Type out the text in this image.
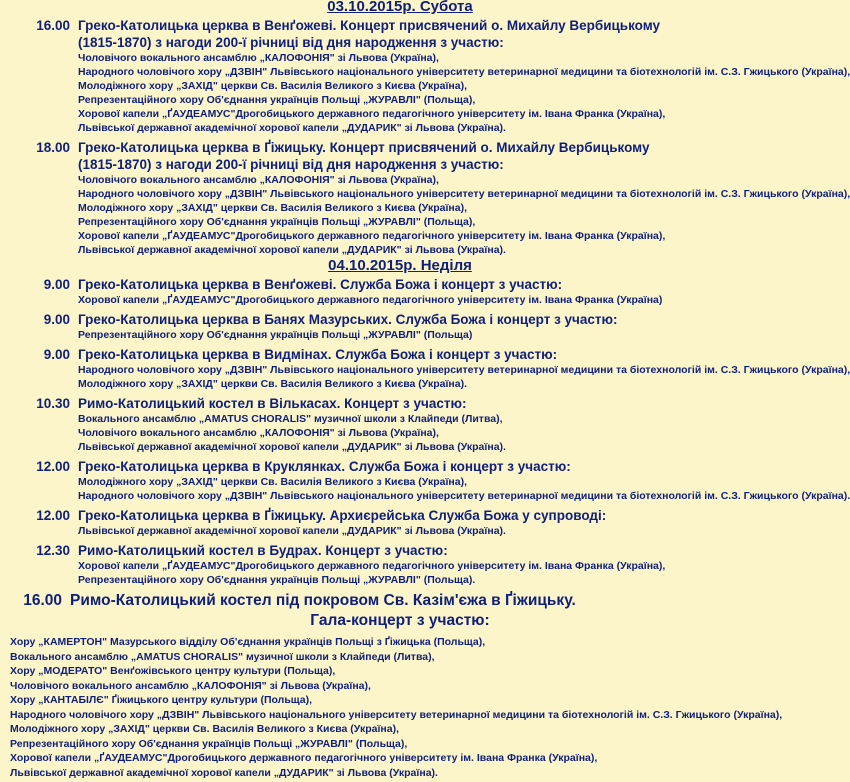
03.10.2015р. Субота
16.00 Греко-Католицька церква в Венґожеві. Концерт присвячений о. Михайлу Вербицькому
(1815-1870) з нагоди 200-ї річниці від дня народження з участю:
Чоловічого вокального ансамблю „КАЛОФОНІЯ" зі Львова (Україна),
Народного чоловічого хору „ДЗВІН" Львівського національного університету ветеринарної медицини та біотехнологій ім. С.З. Гжицького (Україна),
Молодіжного хору „ЗАХІД" церкви Св. Василія Великого з Києва (Україна),
Репрезентаційного хору Об'єднання українців Польщі „ЖУРАВЛІ" (Польща),
Хорової капели „ҐАУДЕАМУС"Дрогобицького державного педагогічного університету ім. Івана Франка (Україна),
Львівської державної академічної хорової капели „ДУДАРИК" зі Львова (Україна).
18.00 Греко-Католицька церква в Ґіжицьку. Концерт присвячений о. Михайлу Вербицькому
(1815-1870) з нагоди 200-ї річниці від дня народження з участю:
Чоловічого вокального ансамблю „КАЛОФОНІЯ" зі Львова (Україна),
Народного чоловічого хору „ДЗВІН" Львівського національного університету ветеринарної медицини та біотехнологій ім. С.З. Гжицького (Україна),
Молодіжного хору „ЗАХІД" церкви Св. Василія Великого з Києва (Україна),
Репрезентаційного хору Об'єднання українців Польщі „ЖУРАВЛІ" (Польща),
Хорової капели „ҐАУДЕАМУС"Дрогобицького державного педагогічного університету ім. Івана Франка (Україна),
Львівської державної академічної хорової капели „ДУДАРИК" зі Львова (Україна).
04.10.2015р. Неділя
9.00 Греко-Католицька церква в Венґожеві. Служба Божа і концерт з участю:
Хорової капели „ҐАУДЕАМУС"Дрогобицького державного педагогічного університету ім. Івана Франка (Україна)
9.00 Греко-Католицька церква в Банях Мазурських. Служба Божа і концерт з участю:
Репрезентаційного хору Об'єднання українців Польщі „ЖУРАВЛІ" (Польща)
9.00 Греко-Католицька церква в Видмінах. Служба Божа і концерт з участю:
Народного чоловічого хору „ДЗВІН" Львівського національного університету ветеринарної медицини та біотехнологій ім. С.З. Гжицького (Україна),
Молодіжного хору „ЗАХІД" церкви Св. Василія Великого з Києва (Україна).
10.30 Римо-Католицький костел в Вількасах. Концерт з участю:
Вокального ансамблю „AMATUS CHORALIS" музичної школи з Клайпеди (Литва),
Чоловічого вокального ансамблю „КАЛОФОНІЯ" зі Львова (Україна),
Львівської державної академічної хорової капели „ДУДАРИК" зі Львова (Україна).
12.00 Греко-Католицька церква в Круклянках. Служба Божа і концерт з участю:
Молодіжного хору „ЗАХІД" церкви Св. Василія Великого з Києва (Україна),
Народного чоловічого хору „ДЗВІН" Львівського національного університету ветеринарної медицини та біотехнологій ім. С.З. Гжицького (Україна).
12.00 Греко-Католицька церква в Ґіжицьку. Архиєрейська Служба Божа у супроводі:
Львівської державної академічної хорової капели „ДУДАРИК" зі Львова (Україна).
12.30 Римо-Католицький костел в Будрах. Концерт з участю:
Хорової капели „ҐАУДЕАМУС"Дрогобицького державного педагогічного університету ім. Івана Франка (Україна),
Репрезентаційного хору Об'єднання українців Польщі „ЖУРАВЛІ" (Польща).
16.00 Римо-Католицький костел під покровом Св. Казім'єжа в Ґіжицьку.
Гала-концерт з участю:
Хору „КАМЕРТОН" Мазурського відділу Об'єднання українців Польщі з Ґіжицька (Польща),
Вокального ансамблю „AMATUS CHORALIS" музичної школи з Клайпеди (Литва),
Хору „МОДЕРАТО" Венґожівського центру культури (Польща),
Чоловічого вокального ансамблю „КАЛОФОНІЯ" зі Львова (Україна),
Хору „КАНТАБІЛЄ" Ґіжицького центру культури (Польща),
Народного чоловічого хору „ДЗВІН" Львівського національного університету ветеринарної медицини та біотехнологій ім. С.З. Гжицького (Україна),
Молодіжного хору „ЗАХІД" церкви Св. Василія Великого з Києва (Україна),
Репрезентаційного хору Об'єднання українців Польщі „ЖУРАВЛІ" (Польща),
Хорової капели „ҐАУДЕАМУС"Дрогобицького державного педагогічного університету ім. Івана Франка (Україна),
Львівської державної академічної хорової капели „ДУДАРИК" зі Львова (Україна).
